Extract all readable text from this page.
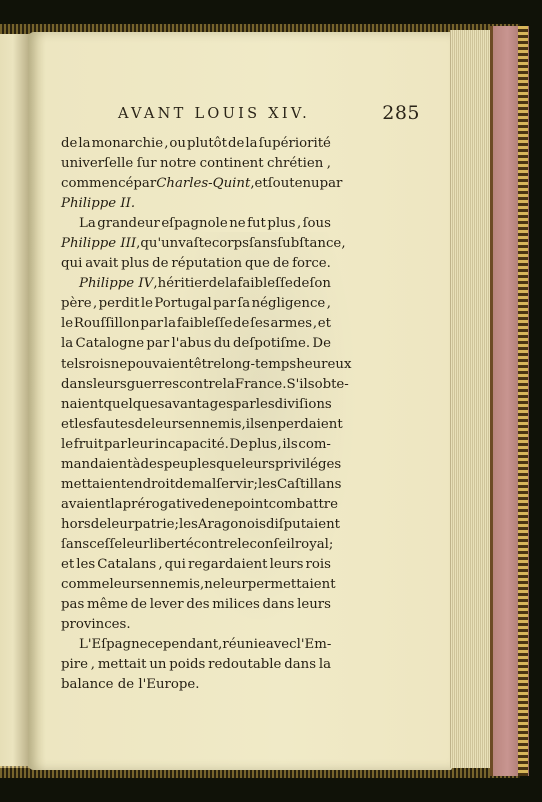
AVANT LOUIS XIV.	285
de la monarchie , ou plutôt de la ſupériorité
univerſelle ſur notre continent chrétien ,
commencé par Charles-Quint , et ſoutenu par
Philippe II.
La grandeur eſpagnole ne fut plus , ſous
Philippe III , qu'un vaſte corps ſans ſubſtance ,
qui avait plus de réputation que de force.
Philippe IV , héritier de la faibleſſe de ſon
père , perdit le Portugal par ſa négligence ,
le Rouſſillon par la faibleſſe de ſes armes , et
la Catalogne par l'abus du deſpotiſme. De
tels rois ne pouvaient être long-temps heureux
dans leurs guerres contre la France. S'ils obte-
naient quelques avantages par les diviſions
et les fautes de leurs ennemis , ils en perdaient
le fruit par leur incapacité. De plus , ils com-
mandaient à des peuples que leurs priviléges
mettaient en droit de mal ſervir ; les Caſtillans
avaient la prérogative de ne point combattre
hors de leur patrie ; les Aragonois diſputaient
ſans ceſſe leur liberté contre le conſeil royal ;
et les Catalans , qui regardaient leurs rois
comme leurs ennemis , ne leur permettaient
pas même de lever des milices dans leurs
provinces.
L'Eſpagne cependant , réunie avec l'Em-
pire , mettait un poids redoutable dans la
balance de l'Europe.
